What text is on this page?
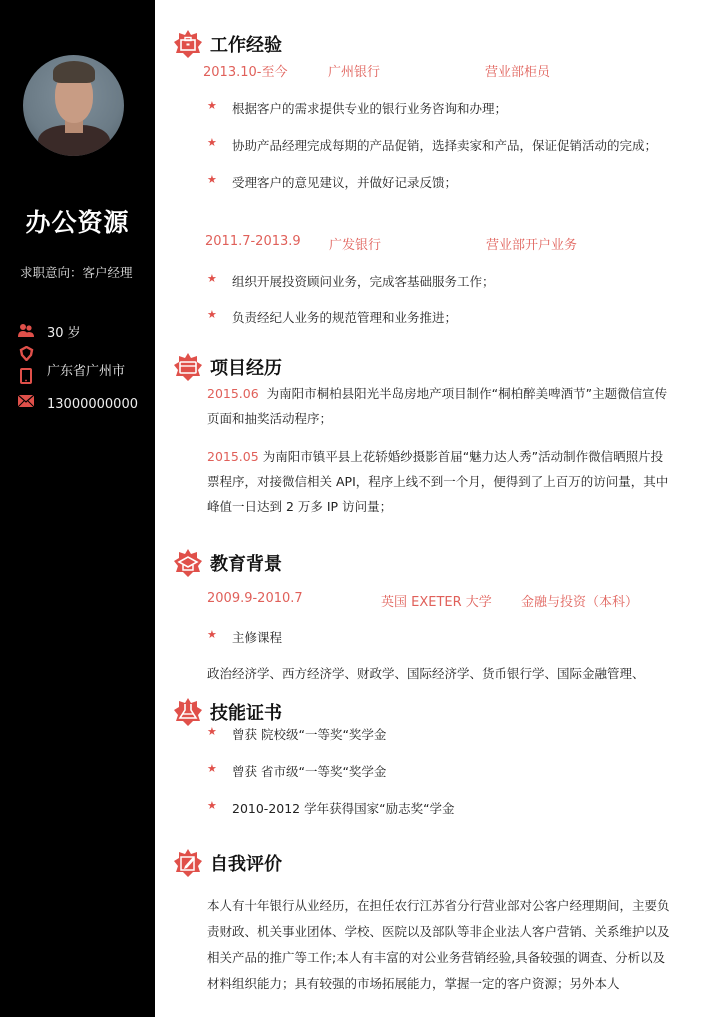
办公资源
求职意向：客户经理
30 岁
广东省广州市
13000000000
工作经验
2013.10-至今	广州银行	营业部柜员
★	根据客户的需求提供专业的银行业务咨询和办理；
★	协助产品经理完成每期的产品促销，选择卖家和产品，保证促销活动的完成；
★	受理客户的意见建议，并做好记录反馈；
2011.7-2013.9 广发银行	营业部开户业务
★	组织开展投资顾问业务，完成客基础服务工作；
★	负责经纪人业务的规范管理和业务推进；
项目经历
2015.06 为南阳市桐柏县阳光半岛房地产项目制作“桐柏醉美啤酒节”主题微信宣传页面和抽奖活动程序；
2015.05 为南阳市镇平县上花轿婚纱摄影首届“魅力达人秀”活动制作微信晒照片投票程序，对接微信相关 API，程序上线不到一个月，便得到了上百万的访问量，其中峰值一日达到 2 万多 IP 访问量；
教育背景
2009.9-2010.7	英国 EXETER 大学 金融与投资（本科）
★	主修课程
政治经济学、西方经济学、财政学、国际经济学、货币银行学、国际金融管理、
技能证书
★	曾获 院校级“一等奖“奖学金
★	曾获 省市级“一等奖“奖学金
★	2010-2012 学年获得国家“励志奖“学金
自我评价
本人有十年银行从业经历，在担任农行江苏省分行营业部对公客户经理期间，主要负责财政、机关事业团体、学校、医院以及部队等非企业法人客户营销、关系维护以及相关产品的推广等工作;本人有丰富的对公业务营销经验,具备较强的调查、分析以及材料组织能力；具有较强的市场拓展能力，掌握一定的客户资源；另外本人
